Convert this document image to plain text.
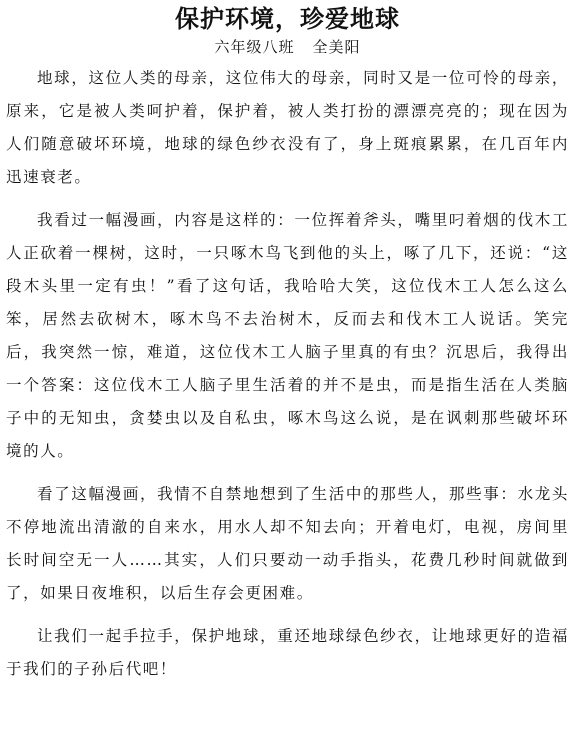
保护环境，珍爱地球
六年级八班 全美阳

地球，这位人类的母亲，这位伟大的母亲，同时又是一位可怜的母亲，原来，它是被人类呵护着，保护着，被人类打扮的漂漂亮亮的；现在因为人们随意破坏环境，地球的绿色纱衣没有了，身上斑痕累累，在几百年内迅速衰老。

我看过一幅漫画，内容是这样的：一位挥着斧头，嘴里叼着烟的伐木工人正砍着一棵树，这时，一只啄木鸟飞到他的头上，啄了几下，还说：“这段木头里一定有虫！”看了这句话，我哈哈大笑，这位伐木工人怎么这么笨，居然去砍树木，啄木鸟不去治树木，反而去和伐木工人说话。笑完后，我突然一惊，难道，这位伐木工人脑子里真的有虫？沉思后，我得出一个答案：这位伐木工人脑子里生活着的并不是虫，而是指生活在人类脑子中的无知虫，贪婪虫以及自私虫，啄木鸟这么说，是在讽刺那些破坏环境的人。

看了这幅漫画，我情不自禁地想到了生活中的那些人，那些事：水龙头不停地流出清澈的自来水，用水人却不知去向；开着电灯，电视，房间里长时间空无一人……其实，人们只要动一动手指头，花费几秒时间就做到了，如果日夜堆积，以后生存会更困难。

让我们一起手拉手，保护地球，重还地球绿色纱衣，让地球更好的造福于我们的子孙后代吧！
